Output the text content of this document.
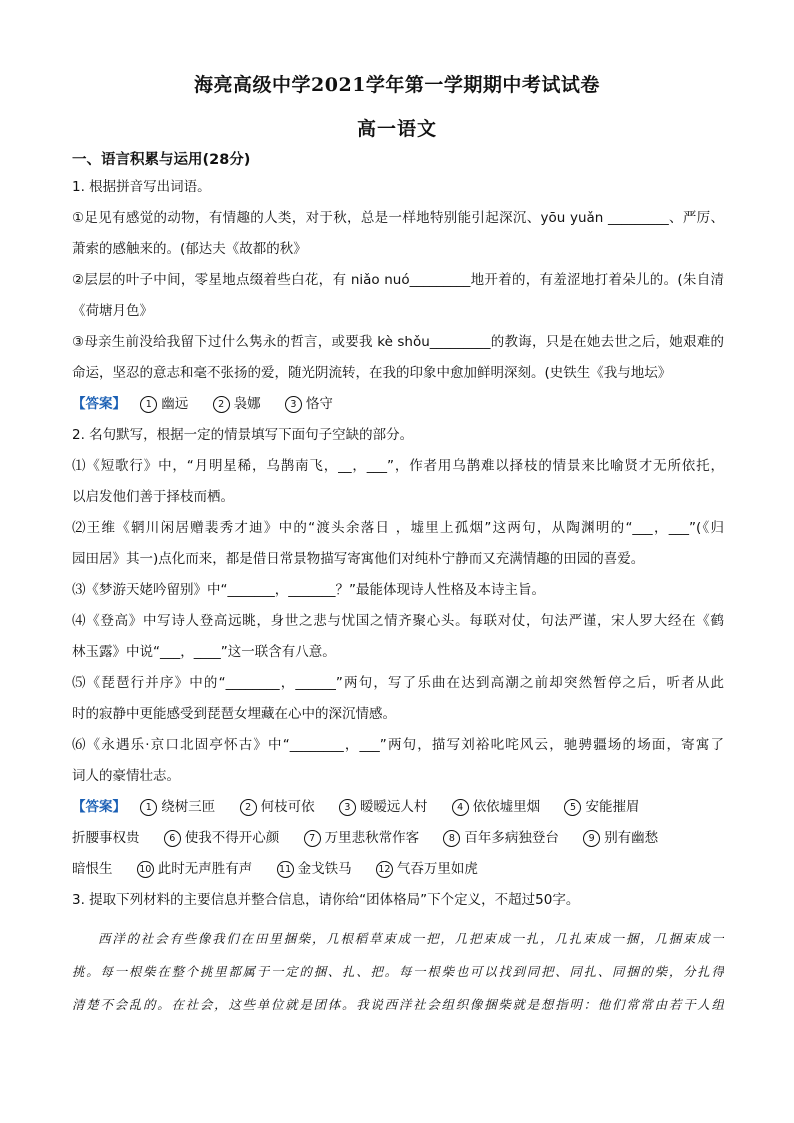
海亮高级中学2021学年第一学期期中考试试卷
高一语文
一、语言积累与运用(28分)
1. 根据拼音写出词语。
①足见有感觉的动物，有情趣的人类，对于秋，总是一样地特别能引起深沉、yōu yuǎn _________、严厉、
萧索的感触来的。(郁达夫《故都的秋》
②层层的叶子中间，零星地点缀着些白花，有 niǎo nuó_________地开着的，有羞涩地打着朵儿的。(朱自清
《荷塘月色》
③母亲生前没给我留下过什么隽永的哲言，或要我 kè shǒu_________的教诲，只是在她去世之后，她艰难的
命运，坚忍的意志和毫不张扬的爱，随光阴流转，在我的印象中愈加鲜明深刻。(史铁生《我与地坛》
【答案】 1 幽远	2 袅娜	3 恪守
2. 名句默写，根据一定的情景填写下面句子空缺的部分。
⑴《短歌行》中，“月明星稀，乌鹊南飞，__，___”，作者用乌鹊难以择枝的情景来比喻贤才无所依托，
以启发他们善于择枝而栖。
⑵王维《辋川闲居赠裴秀才迪》中的“渡头余落日 ，墟里上孤烟”这两句，从陶渊明的“___，___”(《归
园田居》其一)点化而来，都是借日常景物描写寄寓他们对纯朴宁静而又充满情趣的田园的喜爱。
⑶《梦游天姥吟留别》中“_______，_______？”最能体现诗人性格及本诗主旨。
⑷《登高》中写诗人登高远眺，身世之悲与忧国之情齐聚心头。每联对仗，句法严谨，宋人罗大经在《鹤
林玉露》中说“___，____”这一联含有八意。
⑸《琵琶行并序》中的“________，______”两句，写了乐曲在达到高潮之前却突然暂停之后，听者从此
时的寂静中更能感受到琵琶女埋藏在心中的深沉情感。
⑹《永遇乐·京口北固亭怀古》中“________，___”两句，描写刘裕叱咤风云，驰骋疆场的场面，寄寓了
词人的豪情壮志。
【答案】 1 绕树三匝	2 何枝可依	3 暧暧远人村	4 依依墟里烟	5 安能摧眉
折腰事权贵	6 使我不得开心颜	7 万里悲秋常作客	8 百年多病独登台	9 别有幽愁
暗恨生	10 此时无声胜有声	11 金戈铁马	12 气吞万里如虎
3. 提取下列材料的主要信息并整合信息，请你给“团体格局”下个定义，不超过50字。
西洋的社会有些像我们在田里捆柴，几根稻草束成一把，几把束成一扎，几扎束成一捆，几捆束成一
挑。每一根柴在整个挑里都属于一定的捆、扎、把。每一根柴也可以找到同把、同扎、同捆的柴，分扎得
清楚不会乱的。在社会，这些单位就是团体。我说西洋社会组织像捆柴就是想指明：他们常常由若干人组
